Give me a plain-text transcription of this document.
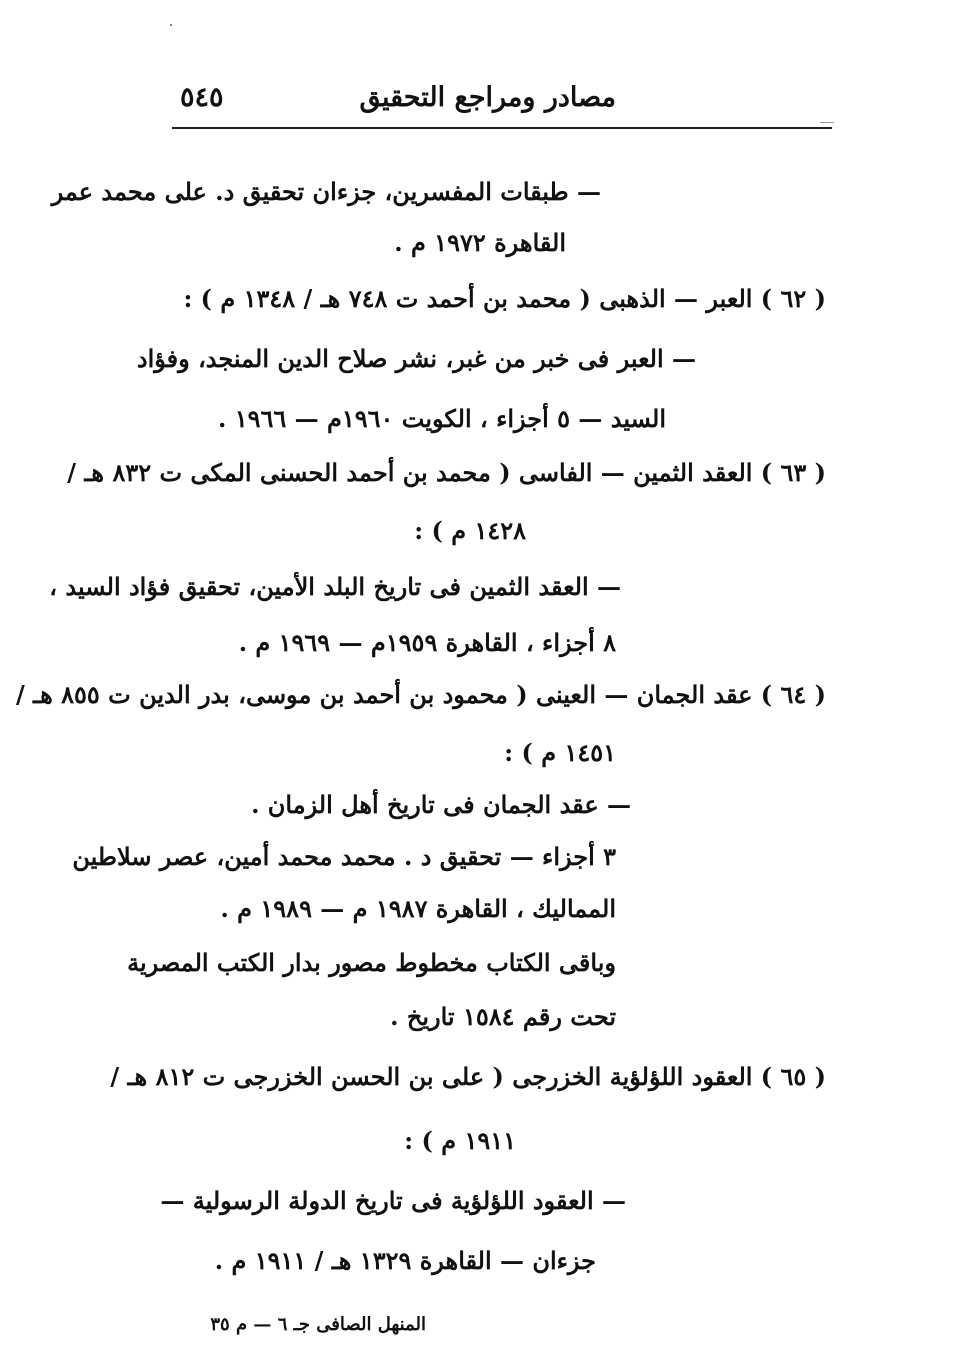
مصادر ومراجع التحقيق
٥٤٥
— طبقات المفسرين، جزءان تحقيق د. على محمد عمر
القاهرة ١٩٧٢ م .
( ٦٢ ) العبر — الذهبى ( محمد بن أحمد ت ٧٤٨ هـ / ١٣٤٨ م ) :
— العبر فى خبر من غبر، نشر صلاح الدين المنجد، وفؤاد
السيد — ٥ أجزاء ، الكويت ١٩٦٠م — ١٩٦٦ .
( ٦٣ ) العقد الثمين — الفاسى ( محمد بن أحمد الحسنى المكى ت ٨٣٢ هـ /
١٤٢٨ م ) :
— العقد الثمين فى تاريخ البلد الأمين، تحقيق فؤاد السيد ،
٨ أجزاء ، القاهرة ١٩٥٩م — ١٩٦٩ م .
( ٦٤ ) عقد الجمان — العينى ( محمود بن أحمد بن موسى، بدر الدين ت ٨٥٥ هـ /
١٤٥١ م ) :
— عقد الجمان فى تاريخ أهل الزمان .
٣ أجزاء — تحقيق د . محمد محمد أمين، عصر سلاطين
المماليك ، القاهرة ١٩٨٧ م — ١٩٨٩ م .
وباقى الكتاب مخطوط مصور بدار الكتب المصرية
تحت رقم ١٥٨٤ تاريخ .
( ٦٥ ) العقود اللؤلؤية الخزرجى ( على بن الحسن الخزرجى ت ٨١٢ هـ /
١٩١١ م ) :
— العقود اللؤلؤية فى تاريخ الدولة الرسولية —
جزءان — القاهرة ١٣٢٩ هـ / ١٩١١ م .
المنهل الصافى جـ ٦ — م ٣٥
